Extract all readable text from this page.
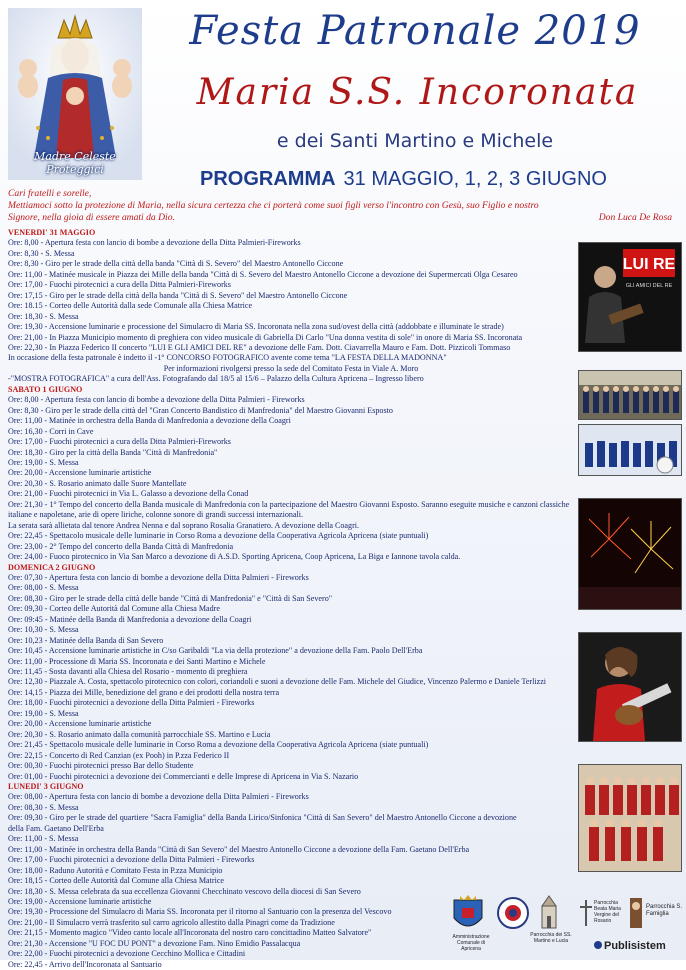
Madre Celeste Proteggici
Festa Patronale 2019
Maria S.S. Incoronata
e dei Santi Martino e Michele
PROGRAMMA 31 MAGGIO, 1, 2, 3 GIUGNO
Cari fratelli e sorelle,
Mettiamoci sotto la protezione di Maria, nella sicura certezza che ci porterà come suoi figli verso l'incontro con Gesù, suo Figlio e nostro Signore, nella gioia di essere amati da Dio.	Don Luca De Rosa
VENERDI' 31 MAGGIO
Ore: 8,00 - Apertura festa con lancio di bombe a devozione della Ditta Palmieri-Fireworks
Ore: 8,30 - S. Messa
Ore: 8,30 - Giro per le strade della città della banda "Città di S. Severo" del Maestro Antonello Ciccone
Ore: 11,00 - Matinée musicale in Piazza dei Mille della banda "Città di S. Severo del Maestro Antonello Ciccone a devozione dei Supermercati Olga Cesareo
Ore: 17,00 - Fuochi pirotecnici a cura della Ditta Palmieri-Fireworks
Ore: 17,15 - Giro per le strade della città della banda "Città di S. Severo" del Maestro Antonello Ciccone
Ore: 18.15 - Corteo delle Autorità dalla sede Comunale alla Chiesa Matrice
Ore: 18,30 - S. Messa
Ore: 19,30 - Accensione luminarie e processione del Simulacro di Maria SS. Incoronata nella zona sud/ovest della città (addobbate e illuminate le strade)
Ore: 21,00 - In Piazza Municipio momento di preghiera con video musicale di Gabriella Di Carlo "Una donna vestita di sole" in onore di Maria SS. Incoronata
Ore: 22,30 - In Piazza Federico II concerto "LUI E GLI AMICI DEL RE" a devozione delle Fam. Dott. Ciavarrella Mauro e Fam. Dott. Pizzicoli Tommaso
In occasione della festa patronale è indetto il -1° CONCORSO FOTOGRAFICO avente come tema "LA FESTA DELLA MADONNA"
Per informazioni rivolgersi presso la sede del Comitato Festa in Viale A. Moro
-"MOSTRA FOTOGRAFICA" a cura dell'Ass. Fotografando dal 18/5 al 15/6 – Palazzo della Cultura Apricena – Ingresso libero
SABATO 1 GIUGNO
Ore: 8,00 - Apertura festa con lancio di bombe a devozione della Ditta Palmieri - Fireworks
Ore: 8,30 - Giro per le strade della città del "Gran Concerto Bandistico di Manfredonia" del Maestro Giovanni Esposto
Ore: 11,00 - Matinée in orchestra della Banda di Manfredonia a devozione della Coagri
Ore: 16,30 - Corri in Cave
Ore: 17,00 - Fuochi pirotecnici a cura della Ditta Palmieri-Fireworks
Ore: 18,30 - Giro per la città della Banda "Città di Manfredonia"
Ore: 19,00 - S. Messa
Ore: 20,00 - Accensione luminarie artistiche
Ore: 20,30 - S. Rosario animato dalle Suore Mantellate
Ore: 21,00 - Fuochi pirotecnici in Via L. Galasso a devozione della Conad
Ore: 21,30 - 1° Tempo del concerto della Banda musicale di Manfredonia con la partecipazione del Maestro Giovanni Esposto. Saranno eseguite musiche e canzoni classiche italiane e napoletane, arie di opere liriche, colonne sonore di grandi successi internazionali.
La serata sarà allietata dal tenore Andrea Nenna e dal soprano Rosalia Granatiero. A devozione della Coagri.
Ore: 22,45 - Spettacolo musicale delle luminarie in Corso Roma a devozione della Cooperativa Agricola Apricena (siate puntuali)
Ore: 23,00 - 2° Tempo del concerto della Banda Città di Manfredonia
Ore: 24,00 - Fuoco pirotecnico in Via San Marco a devozione di A.S.D. Sporting Apricena, Coop Apricena, La Biga e Iannone tavola calda.
DOMENICA 2 GIUGNO
Ore: 07,30 - Apertura festa con lancio di bombe a devozione della Ditta Palmieri - Fireworks
Ore: 08,00 - S. Messa
Ore: 08,30 - Giro per le strade della città delle bande "Città di Manfredonia" e "Città di San Severo"
Ore: 09,30 - Corteo delle Autorità dal Comune alla Chiesa Madre
Ore: 09:45 - Matinée della Banda di Manfredonia a devozione della Coagri
Ore: 10,30 - S. Messa
Ore: 10,23 - Matinée della Banda di San Severo
Ore: 10,45 - Accensione luminarie artistiche in C/so Garibaldi "La via della protezione" a devozione della Fam. Paolo Dell'Erba
Ore: 11,00 - Processione di Maria SS. Incoronata e dei Santi Martino e Michele
Ore: 11,45 - Sosta davanti alla Chiesa del Rosario - momento di preghiera
Ore: 12,30 - Piazzale A. Costa, spettacolo pirotecnico con colori, coriandoli e suoni a devozione delle Fam. Michele del Giudice, Vincenzo Palermo e Daniele Terlizzi
Ore: 14,15 - Piazza dei Mille, benedizione del grano e dei prodotti della nostra terra
Ore: 18,00 - Fuochi pirotecnici a devozione della Ditta Palmieri - Fireworks
Ore: 19,00 - S. Messa
Ore: 20,00 - Accensione luminarie artistiche
Ore: 20,30 - S. Rosario animato dalla comunità parrocchiale SS. Martino e Lucia
Ore: 21,45 - Spettacolo musicale delle luminarie in Corso Roma a devozione della Cooperativa Agricola Apricena (siate puntuali)
Ore: 22,15 - Concerto di Red Canzian (ex Pooh) in P.zza Federico II
Ore: 00,30 - Fuochi pirotecnici presso Bar dello Studente
Ore: 01,00 - Fuochi pirotecnici a devozione dei Commercianti e delle Imprese di Apricena in Via S. Nazario
LUNEDI' 3 GIUGNO
Ore: 08,00 - Apertura festa con lancio di bombe a devozione della Ditta Palmieri - Fireworks
Ore: 08,30 - S. Messa
Ore: 09,30 - Giro per le strade del quartiere "Sacra Famiglia" della Banda Lirico/Sinfonica "Città di San Severo" del Maestro Antonello Ciccone a devozione
della Fam. Gaetano Dell'Erba
Ore: 11,00 - S. Messa
Ore: 11,00 - Matinée in orchestra della Banda "Città di San Severo" del Maestro Antonello Ciccone a devozione della Fam. Gaetano Dell'Erba
Ore: 17,00 - Fuochi pirotecnici a devozione della Ditta Palmieri - Fireworks
Ore: 18,00 - Raduno Autorità e Comitato Festa in P.zza Municipio
Ore: 18,15 - Corteo delle Autorità dal Comune alla Chiesa Matrice
Ore: 18,30 - S. Messa celebrata da sua eccellenza Giovanni Checchinato vescovo della diocesi di San Severo
Ore: 19,00 - Accensione luminarie artistiche
Ore: 19,30 - Processione del Simulacro di Maria SS. Incoronata per il ritorno al Santuario con la presenza del Vescovo
Ore: 21,00 - Il Simulacro verrà trasferito sul carro agricolo allestito dalla Pinagri come da Tradizione
Ore: 21,15 - Momento magico "Video canto locale all'Incoronata del nostro caro concittadino Matteo Salvatore"
Ore: 21,30 - Accensione "U FOC DU PONT" a devozione Fam. Nino Emidio Passalacqua
Ore: 22,00 - Fuochi pirotecnici a devozione Cecchino Mollica e Cittadini
Ore: 22,45 - Arrivo dell'Incoronata al Santuario
LUI RE
GLI AMICI DEL RE
Amministrazione Comunale di Apricena
Parrocchia dei SS. Martino e Lucia
Parrocchia Beata Maria Vergine del Rosario
Parrocchia S. Famiglia
Publisistem
